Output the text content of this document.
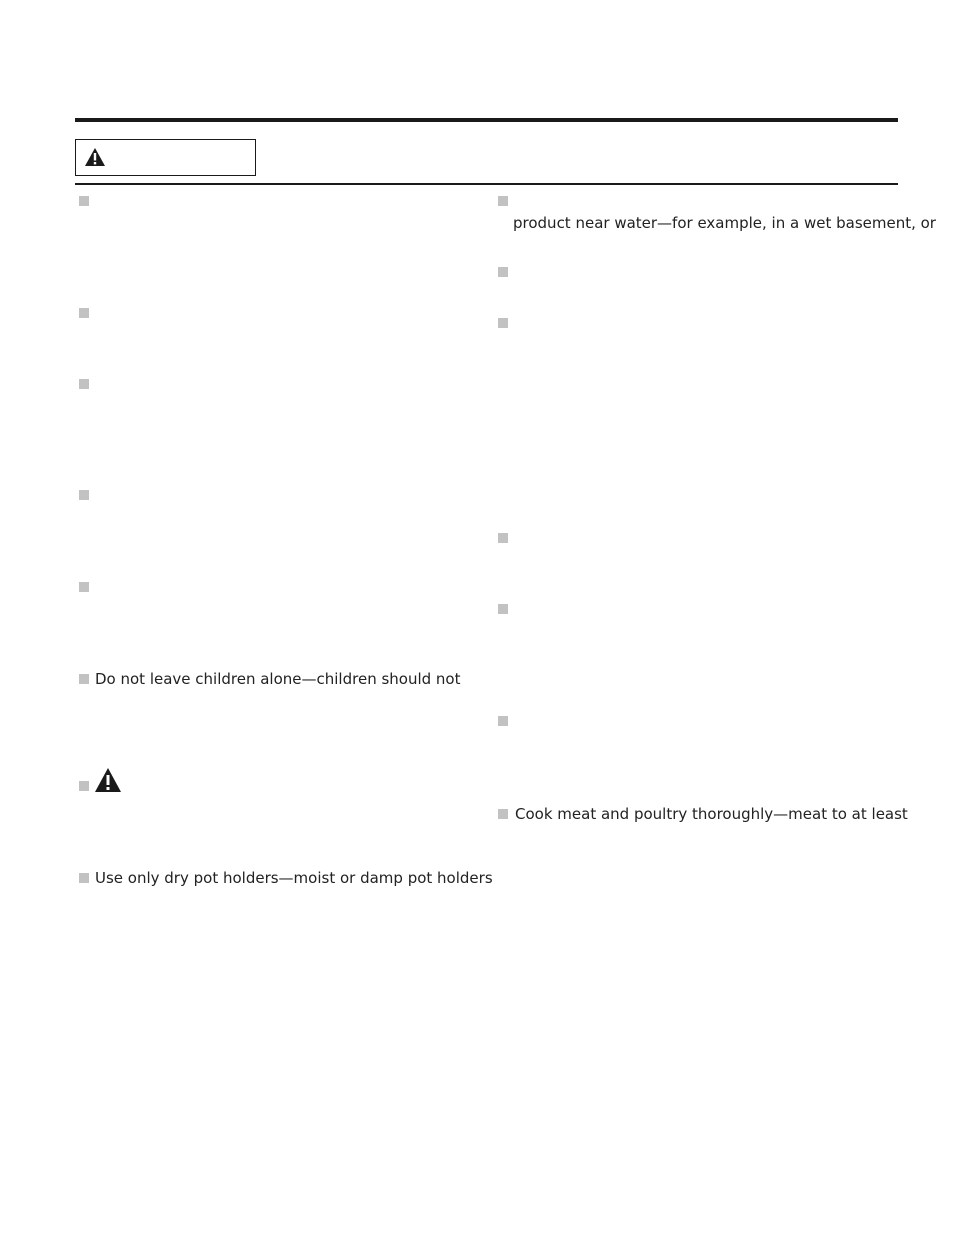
Do not leave children alone—children should not
Use only dry pot holders—moist or damp pot holders
product near water—for example, in a wet basement, or
Cook meat and poultry thoroughly—meat to at least
